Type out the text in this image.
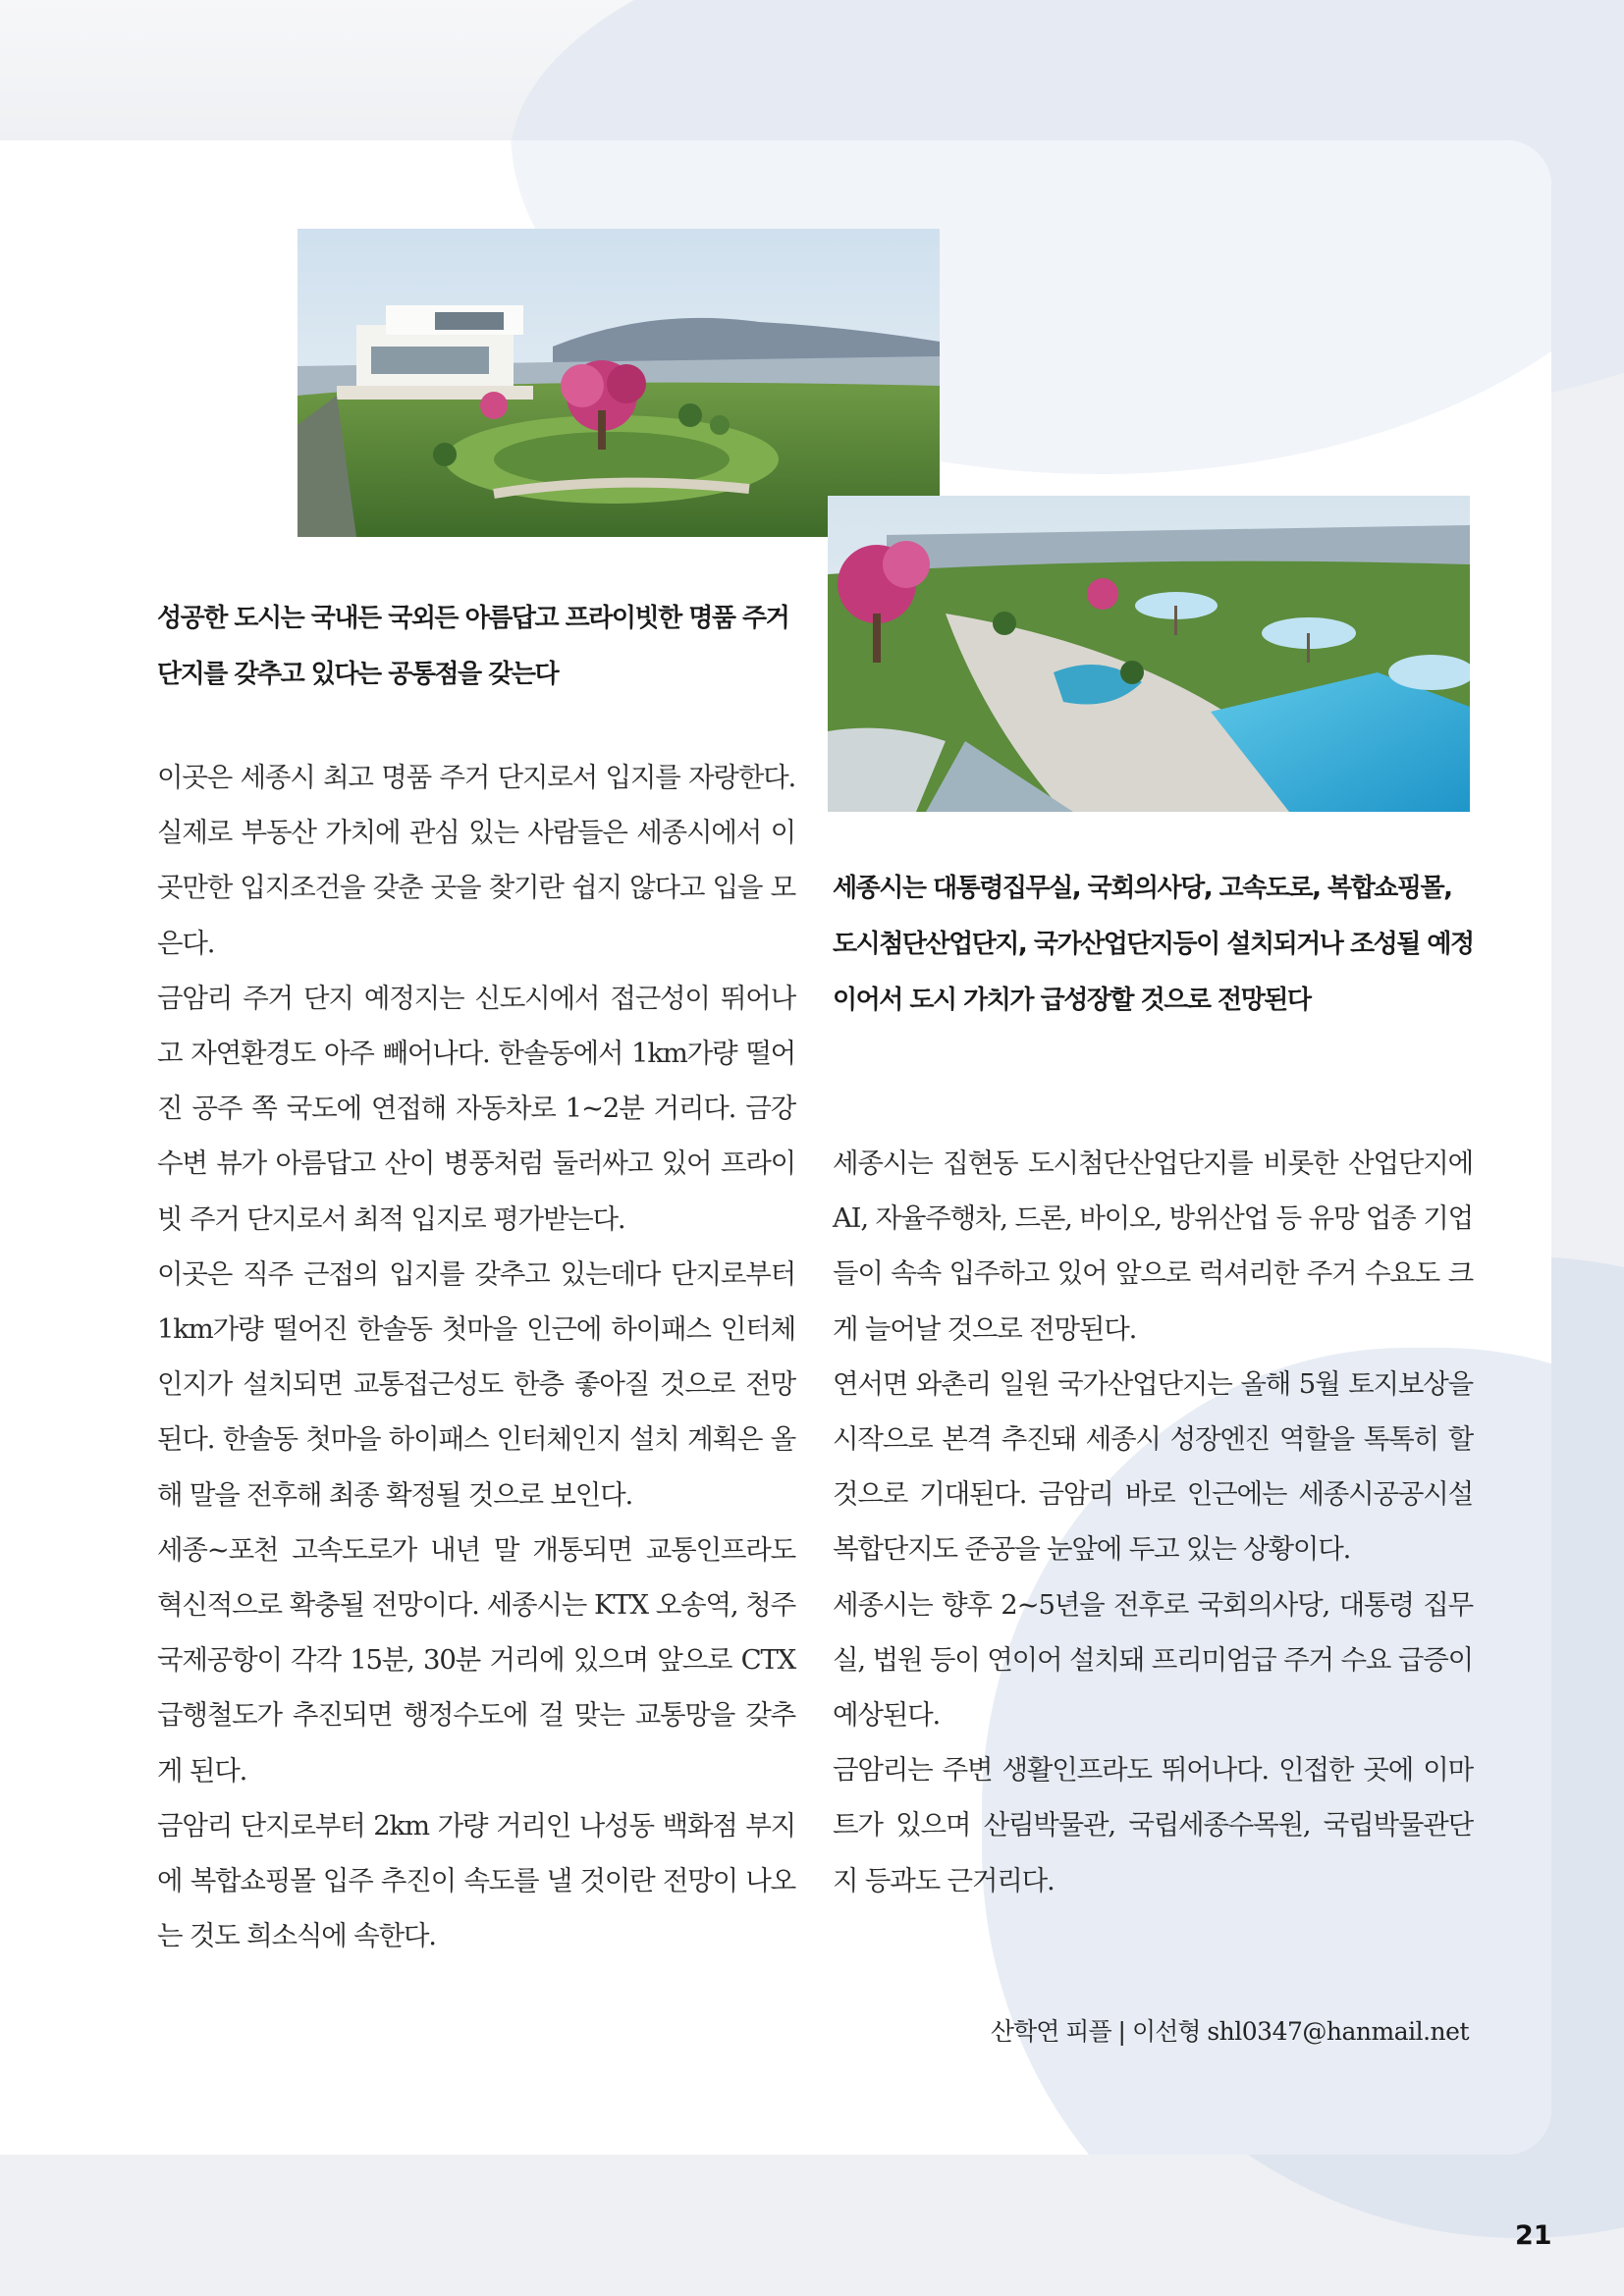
성공한 도시는 국내든 국외든 아름답고 프라이빗한 명품 주거 단지를 갖추고 있다는 공통점을 갖는다

이곳은 세종시 최고 명품 주거 단지로서 입지를 자랑한다. 실제로 부동산 가치에 관심 있는 사람들은 세종시에서 이곳만한 입지조건을 갖춘 곳을 찾기란 쉽지 않다고 입을 모은다.

금암리 주거 단지 예정지는 신도시에서 접근성이 뛰어나고 자연환경도 아주 빼어나다. 한솔동에서 1km가량 떨어진 공주 쪽 국도에 연접해 자동차로 1~2분 거리다. 금강 수변 뷰가 아름답고 산이 병풍처럼 둘러싸고 있어 프라이빗 주거 단지로서 최적 입지로 평가받는다.

이곳은 직주 근접의 입지를 갖추고 있는데다 단지로부터 1km가량 떨어진 한솔동 첫마을 인근에 하이패스 인터체인지가 설치되면 교통접근성도 한층 좋아질 것으로 전망된다. 한솔동 첫마을 하이패스 인터체인지 설치 계획은 올해 말을 전후해 최종 확정될 것으로 보인다.

세종~포천 고속도로가 내년 말 개통되면 교통인프라도 혁신적으로 확충될 전망이다. 세종시는 KTX 오송역, 청주국제공항이 각각 15분, 30분 거리에 있으며 앞으로 CTX 급행철도가 추진되면 행정수도에 걸 맞는 교통망을 갖추게 된다.

금암리 단지로부터 2km 가량 거리인 나성동 백화점 부지에 복합쇼핑몰 입주 추진이 속도를 낼 것이란 전망이 나오는 것도 희소식에 속한다.

세종시는 대통령집무실, 국회의사당, 고속도로, 복합쇼핑몰, 도시첨단산업단지, 국가산업단지등이 설치되거나 조성될 예정이어서 도시 가치가 급성장할 것으로 전망된다

세종시는 집현동 도시첨단산업단지를 비롯한 산업단지에 AI, 자율주행차, 드론, 바이오, 방위산업 등 유망 업종 기업들이 속속 입주하고 있어 앞으로 럭셔리한 주거 수요도 크게 늘어날 것으로 전망된다.

연서면 와촌리 일원 국가산업단지는 올해 5월 토지보상을 시작으로 본격 추진돼 세종시 성장엔진 역할을 톡톡히 할 것으로 기대된다. 금암리 바로 인근에는 세종시공공시설복합단지도 준공을 눈앞에 두고 있는 상황이다.

세종시는 향후 2~5년을 전후로 국회의사당, 대통령 집무실, 법원 등이 연이어 설치돼 프리미엄급 주거 수요 급증이 예상된다.

금암리는 주변 생활인프라도 뛰어나다. 인접한 곳에 이마트가 있으며 산림박물관, 국립세종수목원, 국립박물관단지 등과도 근거리다.

산학연 피플 | 이선형 shl0347@hanmail.net
21
